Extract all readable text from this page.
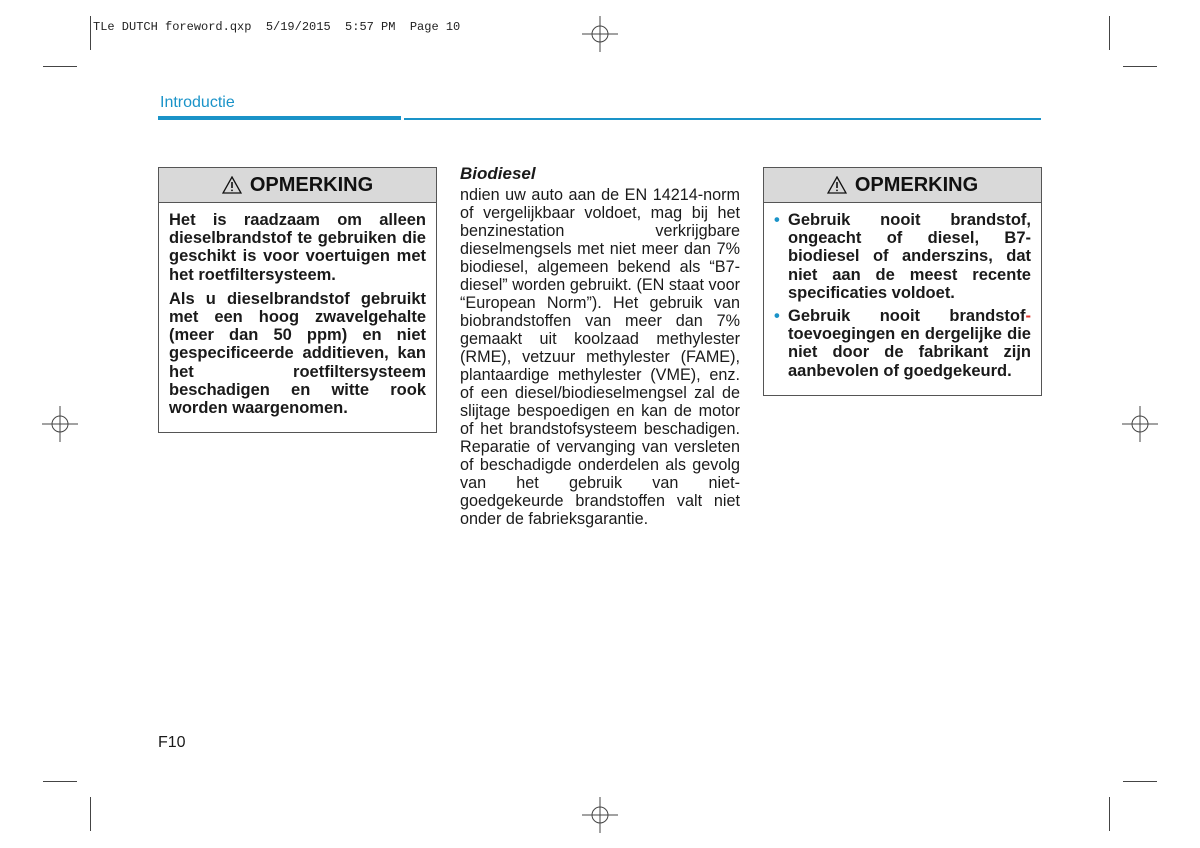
TLe DUTCH foreword.qxp  5/19/2015  5:57 PM  Page 10
Introductie
OPMERKING

Het is raadzaam om alleen dieselbrandstof te gebruiken die geschikt is voor voertuigen met het roetfiltersysteem.

Als u dieselbrandstof gebruikt met een hoog zwavelgehalte (meer dan 50 ppm) en niet gespecificeerde additieven, kan het roetfiltersysteem beschadigen en witte rook worden waargenomen.

Biodiesel
ndien uw auto aan de EN 14214-norm of vergelijkbaar voldoet, mag bij het benzinestation verkrijgbare dieselmengsels met niet meer dan 7% biodiesel, algemeen bekend als “B7-diesel” worden gebruikt. (EN staat voor “European Norm”). Het gebruik van biobrandstoffen van meer dan 7% gemaakt uit koolzaad methylester (RME), vetzuur methylester (FAME), plantaardige methylester (VME), enz. of een diesel/biodieselmengsel zal de slijtage bespoedigen en kan de motor of het brandstofsysteem beschadigen. Reparatie of vervanging van versleten of beschadigde onderdelen als gevolg van het gebruik van niet-goedgekeurde brandstoffen valt niet onder de fabrieksgarantie.
OPMERKING
• Gebruik nooit brandstof, ongeacht of diesel, B7-biodiesel of anderszins, dat niet aan de meest recente specificaties voldoet.
• Gebruik nooit brandstof-toevoegingen en dergelijke die niet door de fabrikant zijn aanbevolen of goedgekeurd.
F10
